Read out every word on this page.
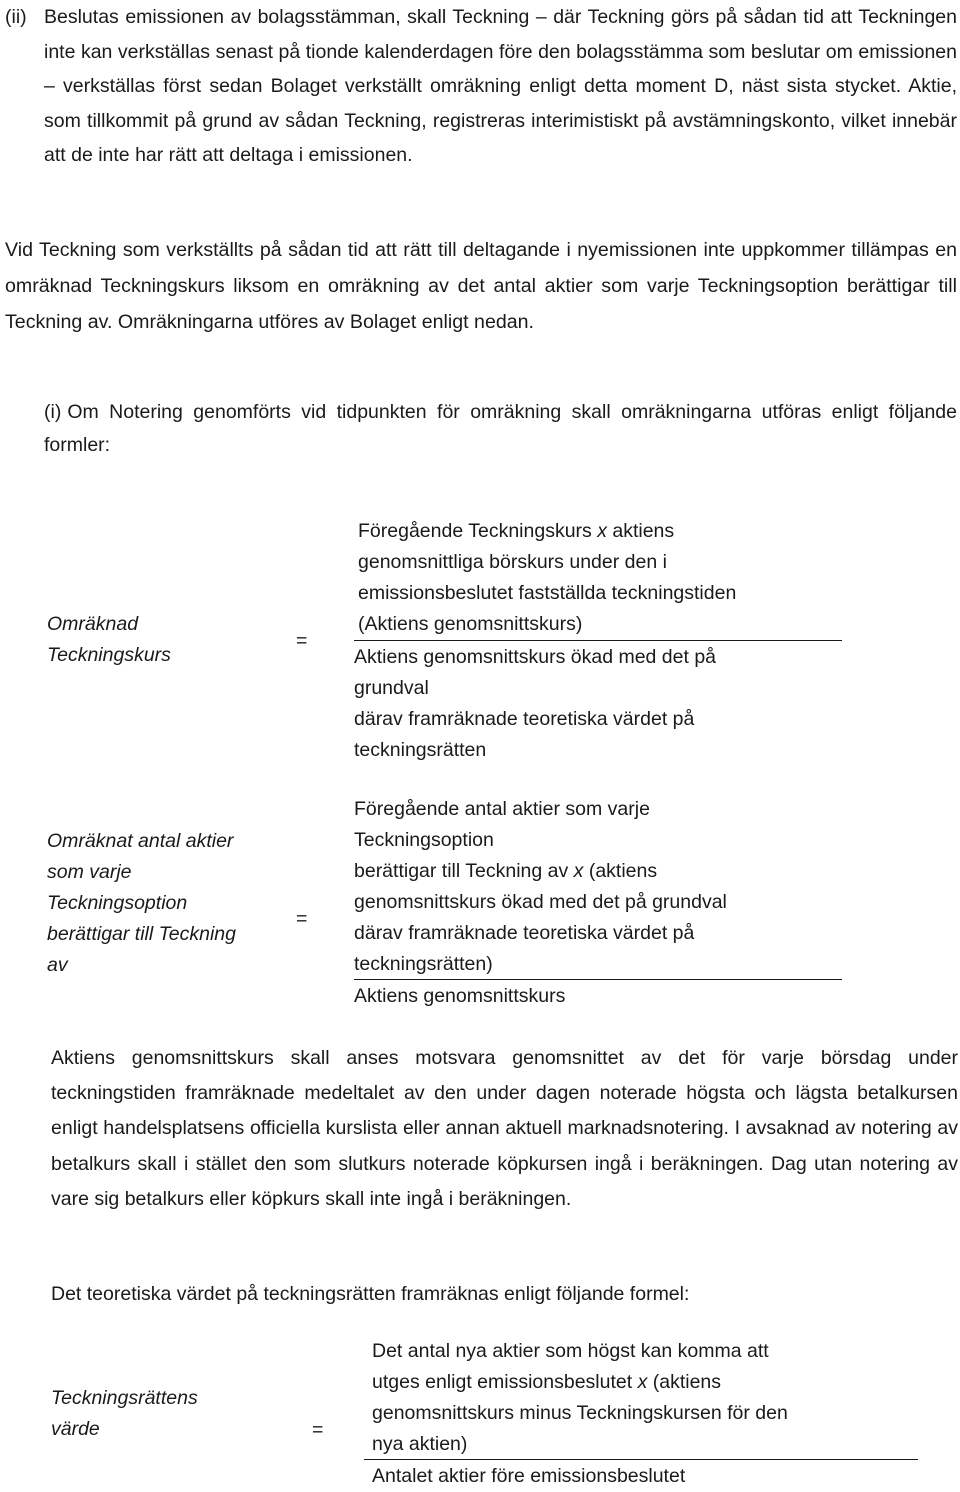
(ii) Beslutas emissionen av bolagsstämman, skall Teckning – där Teckning görs på sådan tid att Teckningen inte kan verkställas senast på tionde kalenderdagen före den bolagsstämma som beslutar om emissionen – verkställas först sedan Bolaget verkställt omräkning enligt detta moment D, näst sista stycket. Aktie, som tillkommit på grund av sådan Teckning, registreras interimistiskt på avstämningskonto, vilket innebär att de inte har rätt att deltaga i emissionen.

Vid Teckning som verkställts på sådan tid att rätt till deltagande i nyemissionen inte uppkommer tillämpas en omräknad Teckningskurs liksom en omräkning av det antal aktier som varje Teckningsoption berättigar till Teckning av. Omräkningarna utföres av Bolaget enligt nedan.

(i) Om Notering genomförts vid tidpunkten för omräkning skall omräkningarna utföras enligt följande formler:

Omräknad
Teckningskurs

=

Föregående Teckningskurs x aktiens

genomsnittliga börskurs under den i

emissionsbeslutet fastställda teckningstiden

(Aktiens genomsnittskurs)

Aktiens genomsnittskurs ökad med det på

grundval

därav framräknade teoretiska värdet på

teckningsrätten

Omräknat antal aktier
som varje
Teckningsoption
berättigar till Teckning
av

=

Föregående antal aktier som varje

Teckningsoption

berättigar till Teckning av x (aktiens

genomsnittskurs ökad med det på grundval

därav framräknade teoretiska värdet på

teckningsrätten)

Aktiens genomsnittskurs

Aktiens genomsnittskurs skall anses motsvara genomsnittet av det för varje börsdag under teckningstiden framräknade medeltalet av den under dagen noterade högsta och lägsta betalkursen enligt handelsplatsens officiella kurslista eller annan aktuell marknadsnotering. I avsaknad av notering av betalkurs skall i stället den som slutkurs noterade köpkursen ingå i beräkningen. Dag utan notering av vare sig betalkurs eller köpkurs skall inte ingå i beräkningen.

Det teoretiska värdet på teckningsrätten framräknas enligt följande formel:

Teckningsrättens
värde	=

Det antal nya aktier som högst kan komma att

utges enligt emissionsbeslutet x (aktiens

genomsnittskurs minus Teckningskursen för den

nya aktien)

Antalet aktier före emissionsbeslutet
